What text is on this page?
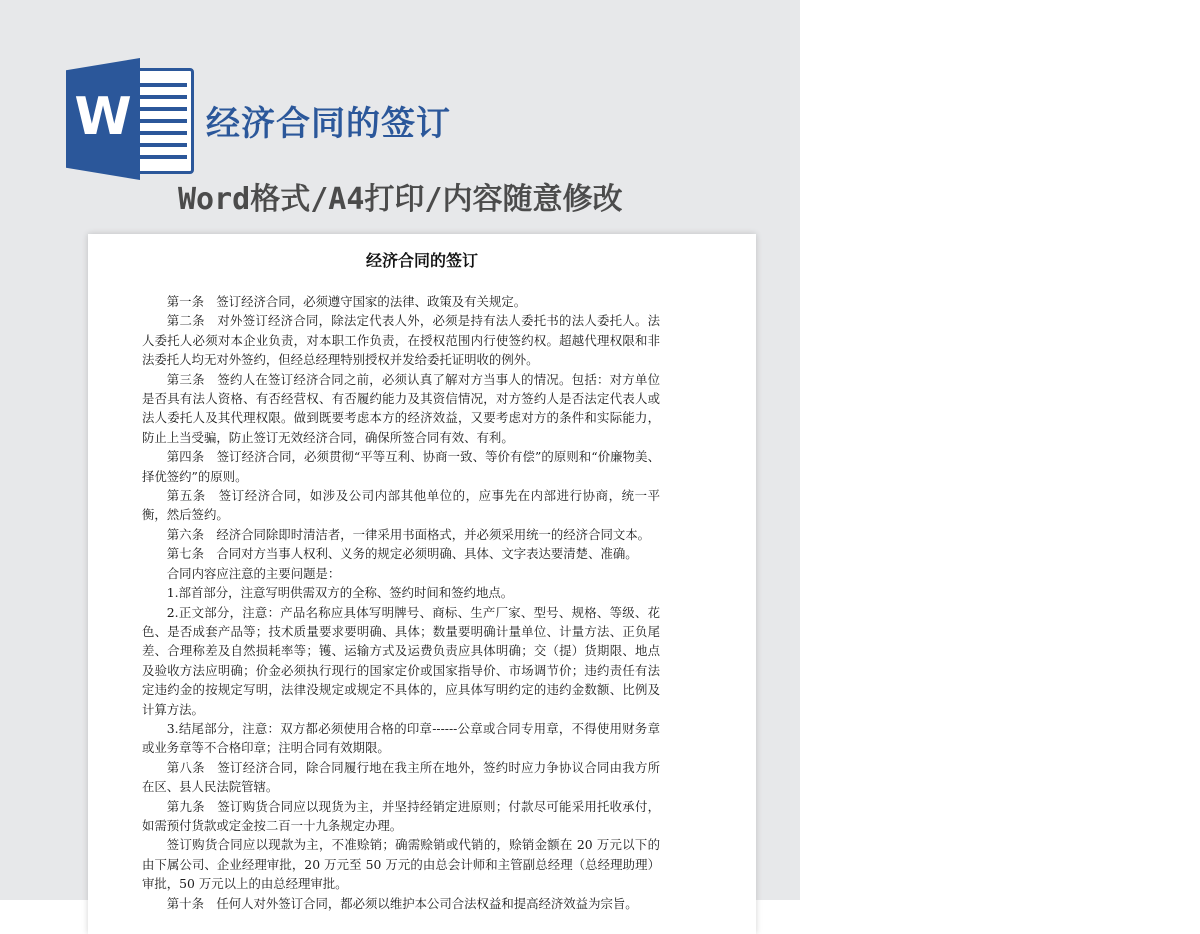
W 经济合同的签订
Word格式/A4打印/内容随意修改
经济合同的签订

第一条　签订经济合同，必须遵守国家的法律、政策及有关规定。

第二条　对外签订经济合同，除法定代表人外，必须是持有法人委托书的法人委托人。法人委托人必须对本企业负责，对本职工作负责，在授权范围内行使签约权。超越代理权限和非法委托人均无对外签约，但经总经理特别授权并发给委托证明收的例外。

第三条　签约人在签订经济合同之前，必须认真了解对方当事人的情况。包括：对方单位是否具有法人资格、有否经营权、有否履约能力及其资信情况，对方签约人是否法定代表人或法人委托人及其代理权限。做到既要考虑本方的经济效益，又要考虑对方的条件和实际能力，防止上当受骗，防止签订无效经济合同，确保所签合同有效、有利。

第四条　签订经济合同，必须贯彻“平等互利、协商一致、等价有偿”的原则和“价廉物美、择优签约”的原则。

第五条　签订经济合同，如涉及公司内部其他单位的，应事先在内部进行协商，统一平衡，然后签约。

第六条　经济合同除即时清洁者，一律采用书面格式，并必须采用统一的经济合同文本。

第七条　合同对方当事人权利、义务的规定必须明确、具体、文字表达要清楚、准确。

合同内容应注意的主要问题是：

1.部首部分，注意写明供需双方的全称、签约时间和签约地点。

2.正文部分，注意：产品名称应具体写明牌号、商标、生产厂家、型号、规格、等级、花色、是否成套产品等；技术质量要求要明确、具体；数量要明确计量单位、计量方法、正负尾差、合理称差及自然损耗率等；镬、运输方式及运费负责应具体明确；交（提）货期限、地点及验收方法应明确；价金必须执行现行的国家定价或国家指导价、市场调节价；违约责任有法定违约金的按规定写明，法律没规定或规定不具体的，应具体写明约定的违约金数额、比例及计算方法。

3.结尾部分，注意：双方都必须使用合格的印章------公章或合同专用章，不得使用财务章或业务章等不合格印章；注明合同有效期限。

第八条　签订经济合同，除合同履行地在我主所在地外，签约时应力争协议合同由我方所在区、县人民法院管辖。

第九条　签订购货合同应以现货为主，并坚持经销定进原则；付款尽可能采用托收承付，如需预付货款或定金按二百一十九条规定办理。

签订购货合同应以现款为主，不准赊销；确需赊销或代销的，赊销金额在 20 万元以下的由下属公司、企业经理审批，20 万元至 50 万元的由总会计师和主管副总经理（总经理助理）审批，50 万元以上的由总经理审批。

第十条　任何人对外签订合同，都必须以维护本公司合法权益和提高经济效益为宗旨。
